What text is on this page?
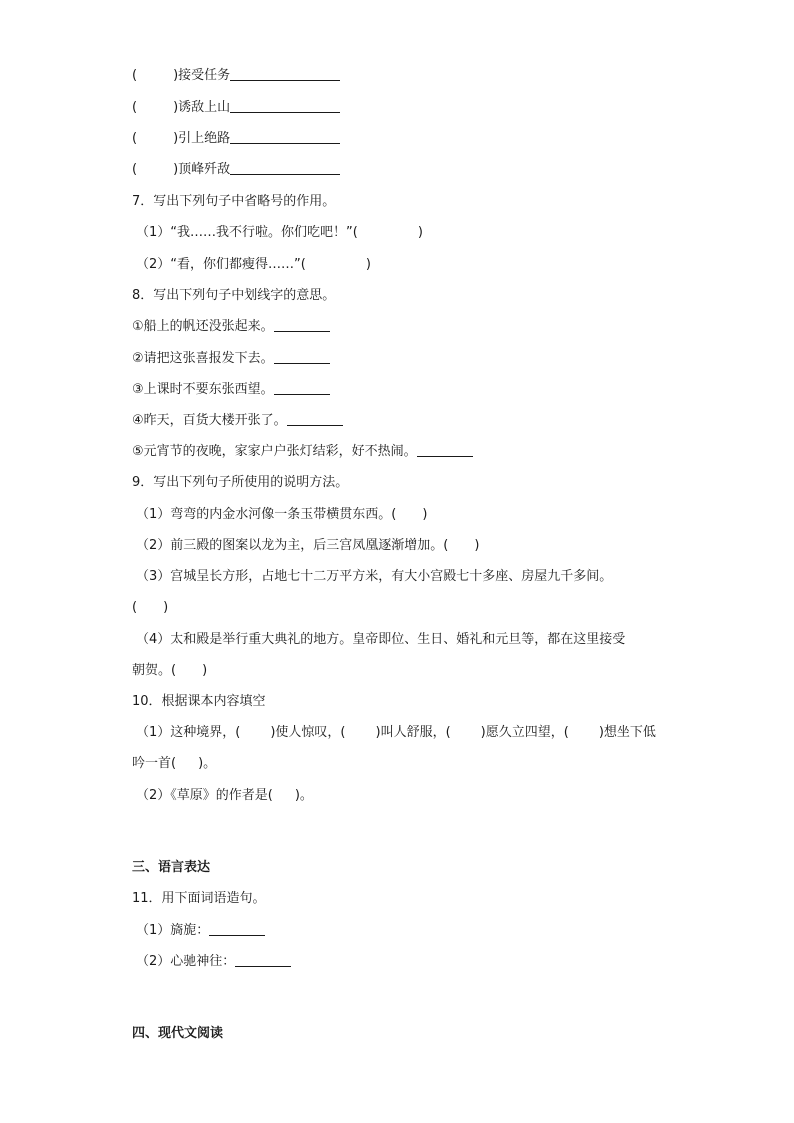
(	)接受任务
(	)诱敌上山
(	)引上绝路
(	)顶峰歼敌
7．写出下列句子中省略号的作用。
（1）“我……我不行啦。你们吃吧！”(	)
（2）“看，你们都瘦得……”(	)
8．写出下列句子中划线字的意思。
①船上的帆还没张起来。
②请把这张喜报发下去。
③上课时不要东张西望。
④昨天，百货大楼开张了。
⑤元宵节的夜晚，家家户户张灯结彩，好不热闹。
9．写出下列句子所使用的说明方法。
（1）弯弯的内金水河像一条玉带横贯东西。( )
（2）前三殿的图案以龙为主，后三宫凤凰逐渐增加。( )
（3）宫城呈长方形，占地七十二万平方米，有大小宫殿七十多座、房屋九千多间。
( )
（4）太和殿是举行重大典礼的地方。皇帝即位、生日、婚礼和元旦等，都在这里接受
朝贺。( )
10．根据课本内容填空
（1）这种境界，( )使人惊叹，( )叫人舒服，( )愿久立四望，( )想坐下低
吟一首( )。
（2）《草原》的作者是( )。
三、语言表达
11．用下面词语造句。
（1）旖旎：
（2）心驰神往：
四、现代文阅读
